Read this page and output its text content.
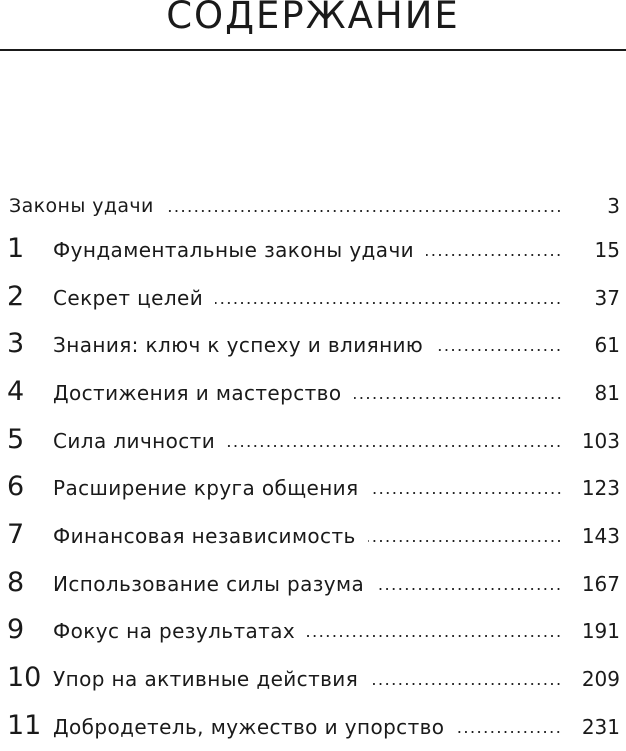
СОДЕРЖАНИЕ
Законы удачи	3
1 Фундаментальные законы удачи	15
2 Секрет целей	37
3 Знания: ключ к успеху и влиянию	61
4 Достижения и мастерство	81
5 Сила личности	103
6 Расширение круга общения	123
7 Финансовая независимость	143
8 Использование силы разума	167
9 Фокус на результатах	191
10 Упор на активные действия	209
11 Добродетель, мужество и упорство	231
